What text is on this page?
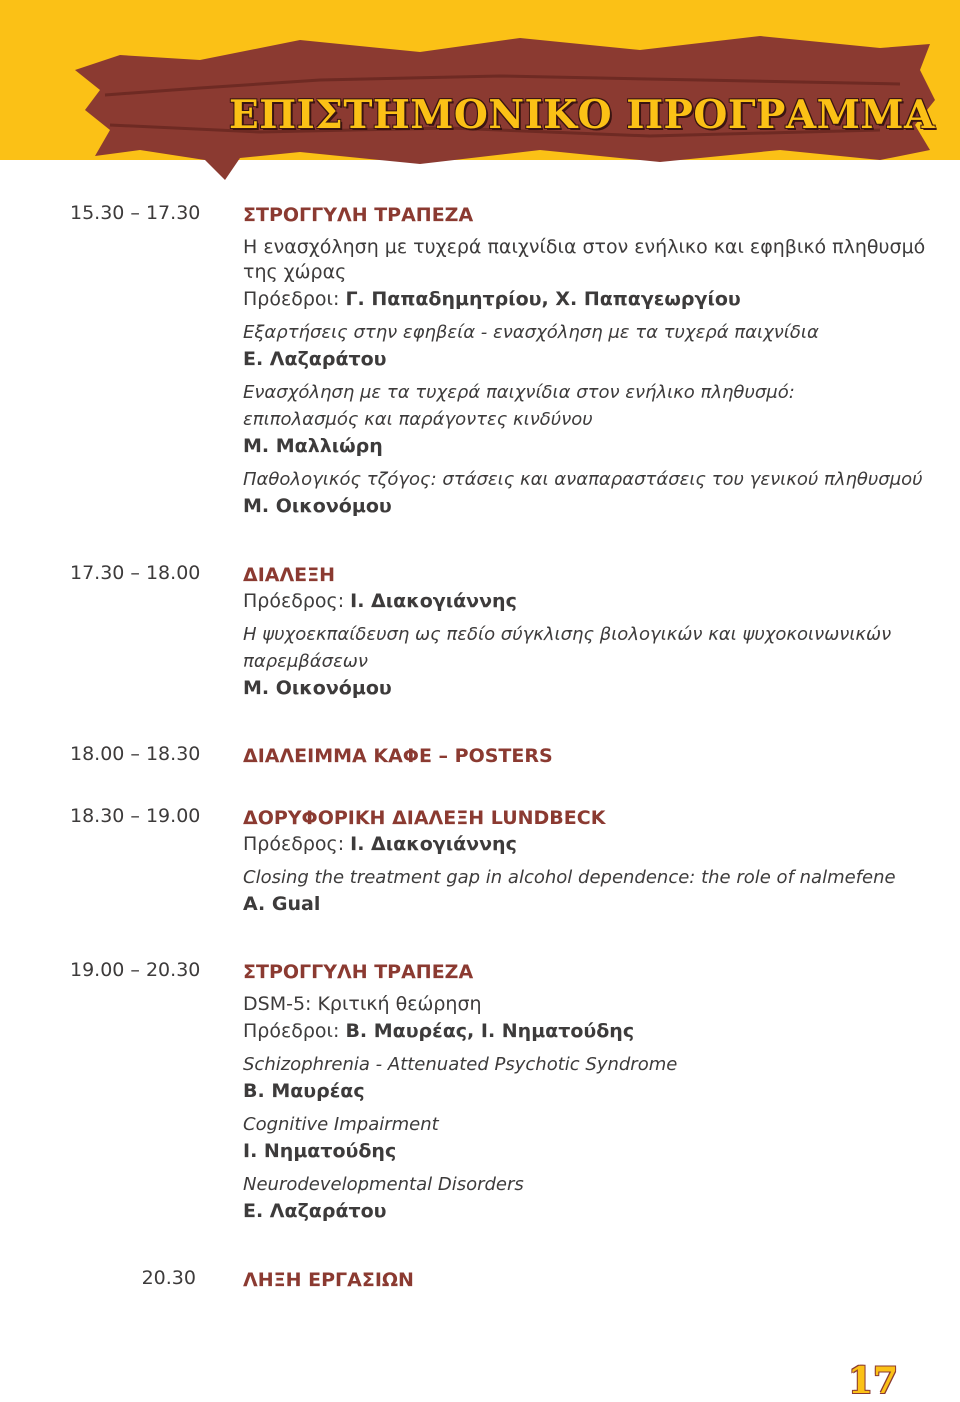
ΕΠΙΣΤΗΜΟΝΙΚΟ ΠΡΟΓΡΑΜΜΑ
15.30 – 17.30 ΣΤΡΟΓΓΥΛΗ ΤΡΑΠΕΖΑ
Η ενασχόληση με τυχερά παιχνίδια στον ενήλικο και εφηβικό πληθυσμό
της χώρας
Πρόεδροι: Γ. Παπαδημητρίου, Χ. Παπαγεωργίου
Εξαρτήσεις στην εφηβεία - ενασχόληση με τα τυχερά παιχνίδια
Ε. Λαζαράτου
Ενασχόληση με τα τυχερά παιχνίδια στον ενήλικο πληθυσμό:
επιπολασμός και παράγοντες κινδύνου
Μ. Μαλλιώρη
Παθολογικός τζόγος: στάσεις και αναπαραστάσεις του γενικού πληθυσμού
Μ. Οικονόμου
17.30 – 18.00 ΔΙΑΛΕΞΗ
Πρόεδρος: Ι. Διακογιάννης
Η ψυχοεκπαίδευση ως πεδίο σύγκλισης βιολογικών και ψυχοκοινωνικών
παρεμβάσεων
Μ. Οικονόμου
18.00 – 18.30 ΔΙΑΛΕΙΜΜΑ ΚΑΦΕ – POSTERS
18.30 – 19.00 ΔΟΡΥΦΟΡΙΚΗ ΔΙΑΛΕΞΗ LUNDBECK
Πρόεδρος: Ι. Διακογιάννης
Closing the treatment gap in alcohol dependence: the role of nalmefene
A. Gual
19.00 – 20.30 ΣΤΡΟΓΓΥΛΗ ΤΡΑΠΕΖΑ
DSM-5: Κριτική θεώρηση
Πρόεδροι: Β. Μαυρέας, Ι. Νηματούδης
Schizophrenia - Attenuated Psychotic Syndrome
Β. Μαυρέας
Cognitive Impairment
Ι. Νηματούδης
Neurodevelopmental Disorders
Ε. Λαζαράτου
20.30 ΛΗΞΗ ΕΡΓΑΣΙΩΝ
17
